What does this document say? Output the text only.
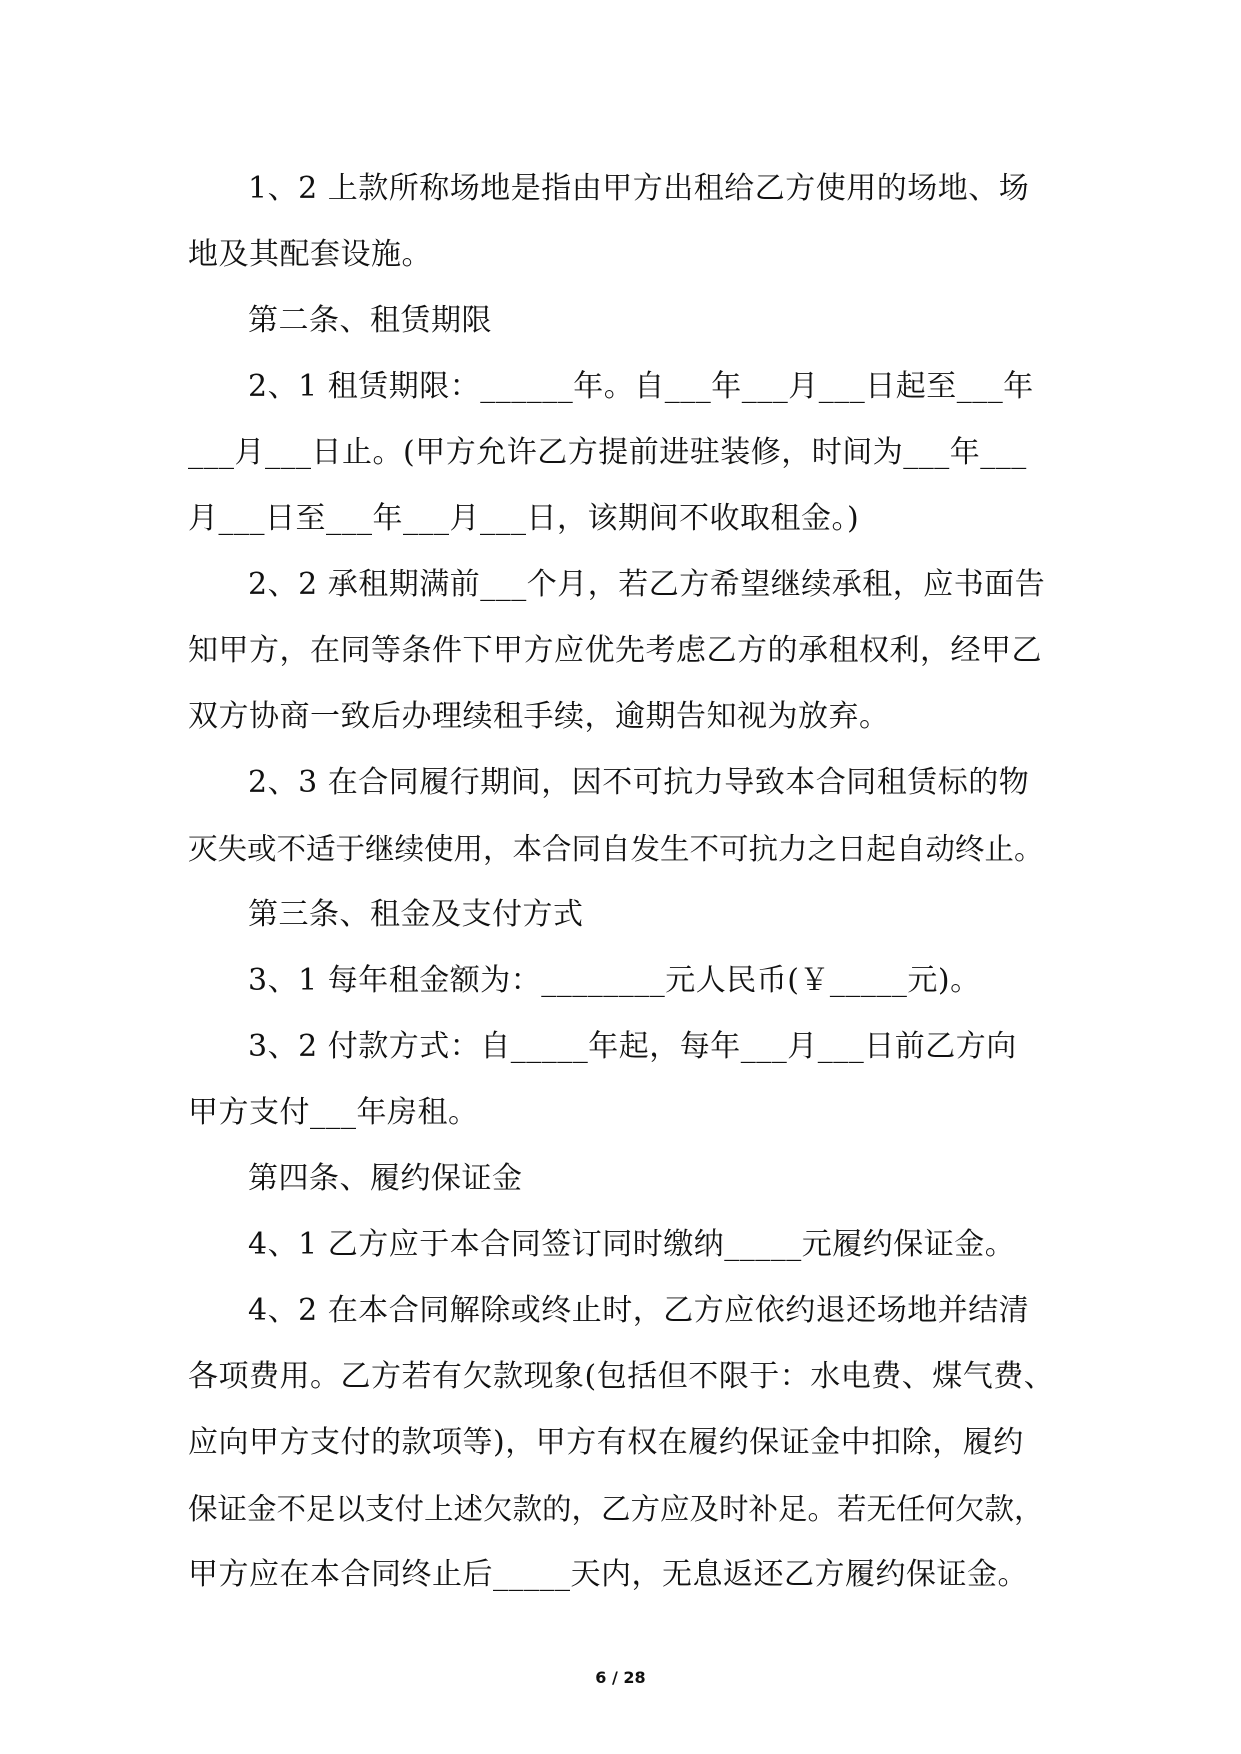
1、2 上款所称场地是指由甲方出租给乙方使用的场地、场
地及其配套设施。
第二条、租赁期限
2、1 租赁期限：______年。自___年___月___日起至___年
___月___日止。(甲方允许乙方提前进驻装修，时间为___年___
月___日至___年___月___日，该期间不收取租金。)
2、2 承租期满前___个月，若乙方希望继续承租，应书面告
知甲方，在同等条件下甲方应优先考虑乙方的承租权利，经甲乙
双方协商一致后办理续租手续，逾期告知视为放弃。
2、3 在合同履行期间，因不可抗力导致本合同租赁标的物
灭失或不适于继续使用，本合同自发生不可抗力之日起自动终止。
第三条、租金及支付方式
3、1 每年租金额为：________元人民币(￥_____元)。
3、2 付款方式：自_____年起，每年___月___日前乙方向
甲方支付___年房租。
第四条、履约保证金
4、1 乙方应于本合同签订同时缴纳_____元履约保证金。
4、2 在本合同解除或终止时，乙方应依约退还场地并结清
各项费用。乙方若有欠款现象(包括但不限于：水电费、煤气费、
应向甲方支付的款项等)，甲方有权在履约保证金中扣除，履约
保证金不足以支付上述欠款的，乙方应及时补足。若无任何欠款，
甲方应在本合同终止后_____天内，无息返还乙方履约保证金。
6 / 28
